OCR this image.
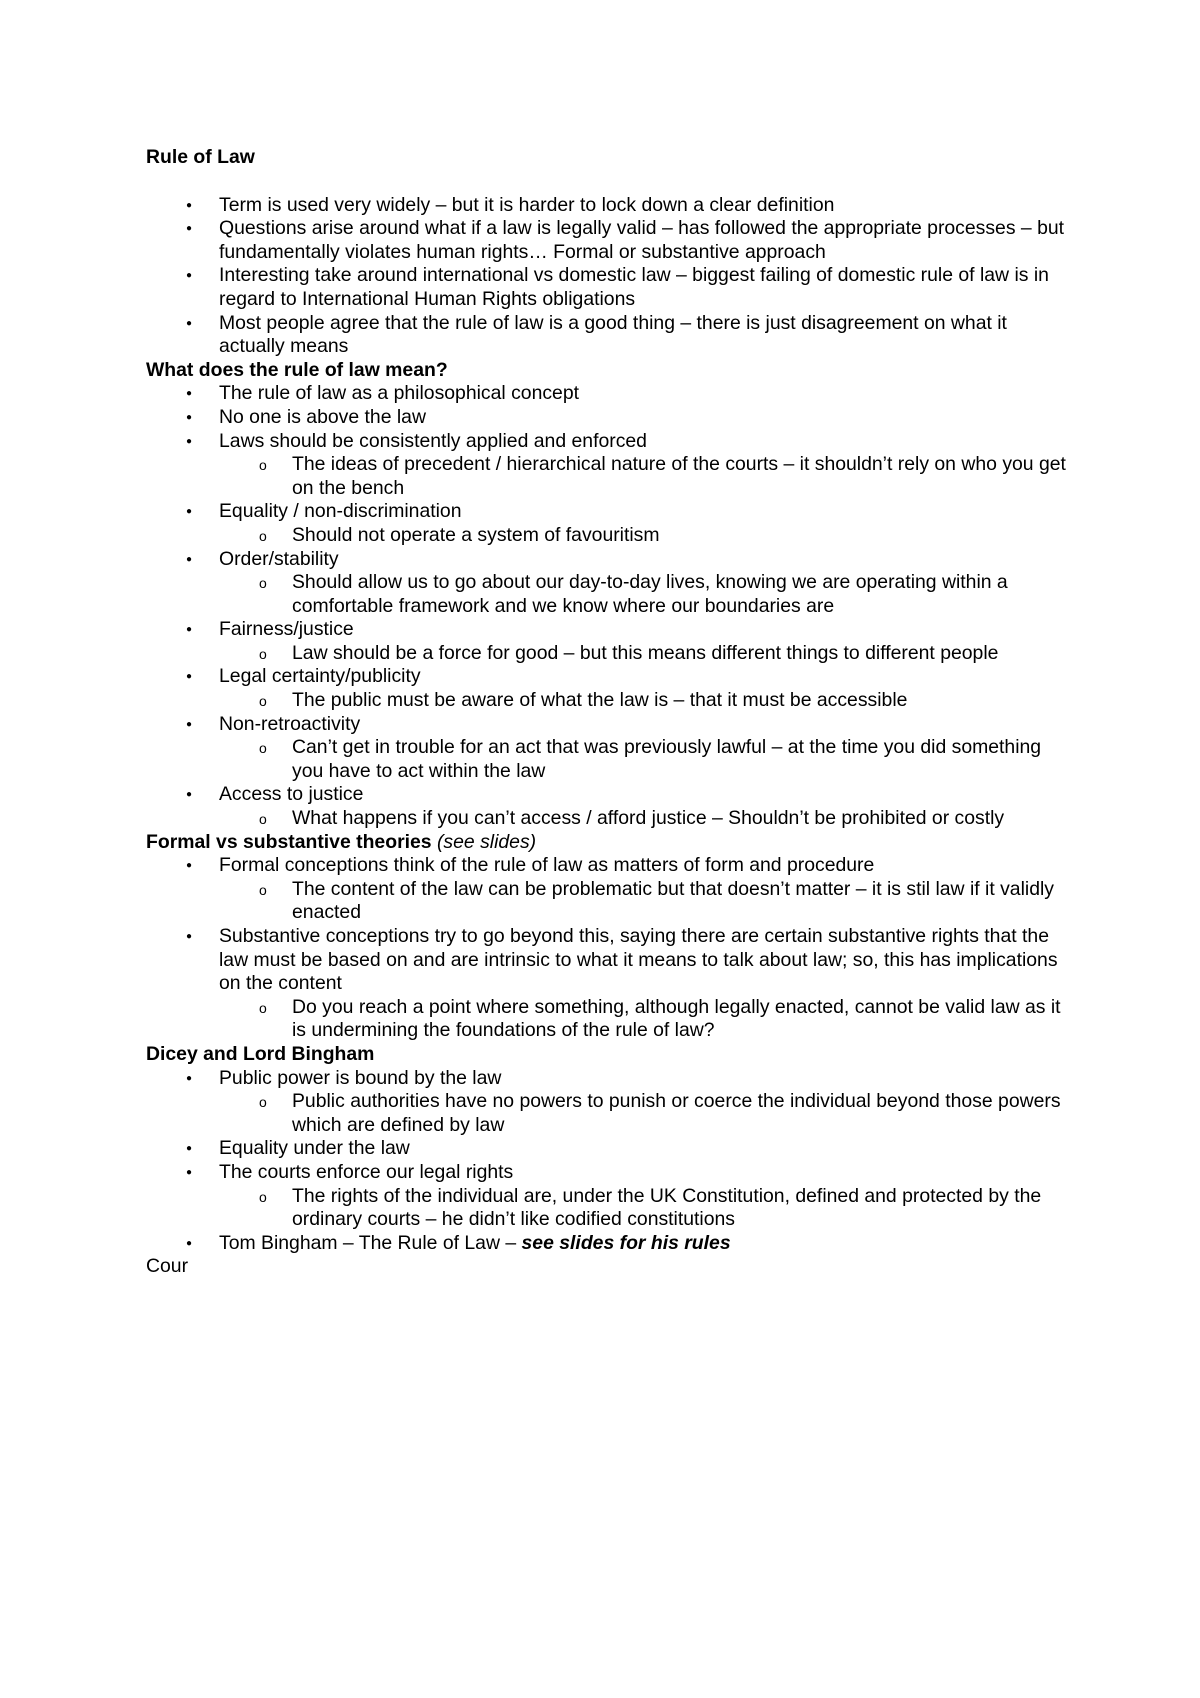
Rule of Law
● Term is used very widely – but it is harder to lock down a clear definition
● Questions arise around what if a law is legally valid – has followed the appropriate processes – but fundamentally violates human rights… Formal or substantive approach
● Interesting take around international vs domestic law – biggest failing of domestic rule of law is in regard to International Human Rights obligations
● Most people agree that the rule of law is a good thing – there is just disagreement on what it actually means
What does the rule of law mean?
● The rule of law as a philosophical concept
● No one is above the law
● Laws should be consistently applied and enforced
o The ideas of precedent / hierarchical nature of the courts – it shouldn’t rely on who you get on the bench
● Equality / non-discrimination
o Should not operate a system of favouritism
● Order/stability
o Should allow us to go about our day-to-day lives, knowing we are operating within a comfortable framework and we know where our boundaries are
● Fairness/justice
o Law should be a force for good – but this means different things to different people
● Legal certainty/publicity
o The public must be aware of what the law is – that it must be accessible
● Non-retroactivity
o Can’t get in trouble for an act that was previously lawful – at the time you did something you have to act within the law
● Access to justice
o What happens if you can’t access / afford justice – Shouldn’t be prohibited or costly
Formal vs substantive theories (see slides)
● Formal conceptions think of the rule of law as matters of form and procedure
o The content of the law can be problematic but that doesn’t matter – it is stil law if it validly enacted
● Substantive conceptions try to go beyond this, saying there are certain substantive rights that the law must be based on and are intrinsic to what it means to talk about law; so, this has implications on the content
o Do you reach a point where something, although legally enacted, cannot be valid law as it is undermining the foundations of the rule of law?
Dicey and Lord Bingham
● Public power is bound by the law
o Public authorities have no powers to punish or coerce the individual beyond those powers which are defined by law
● Equality under the law
● The courts enforce our legal rights
o The rights of the individual are, under the UK Constitution, defined and protected by the ordinary courts – he didn’t like codified constitutions
● Tom Bingham – The Rule of Law – see slides for his rules
Cour
